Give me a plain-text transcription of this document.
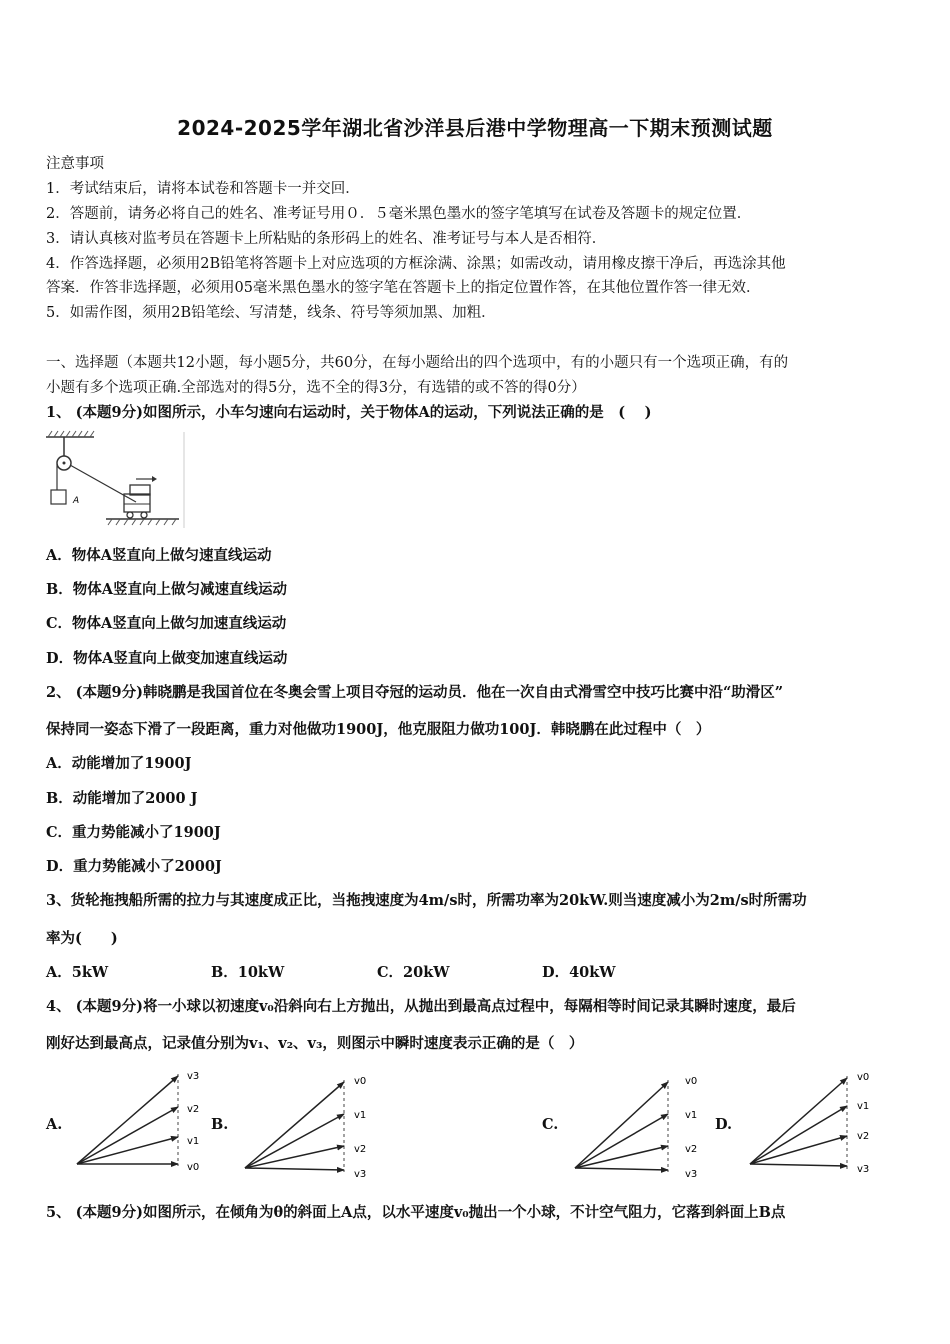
2024-2025学年湖北省沙洋县后港中学物理高一下期末预测试题
注意事项
1．考试结束后，请将本试卷和答题卡一并交回．
2．答题前，请务必将自己的姓名、准考证号用０．５毫米黑色墨水的签字笔填写在试卷及答题卡的规定位置．
3．请认真核对监考员在答题卡上所粘贴的条形码上的姓名、准考证号与本人是否相符．
4．作答选择题，必须用2B铅笔将答题卡上对应选项的方框涂满、涂黑；如需改动，请用橡皮擦干净后，再选涂其他
答案．作答非选择题，必须用05毫米黑色墨水的签字笔在答题卡上的指定位置作答，在其他位置作答一律无效．
5．如需作图，须用2B铅笔绘、写清楚，线条、符号等须加黑、加粗．
一、选择题（本题共12小题，每小题5分，共60分，在每小题给出的四个选项中，有的小题只有一个选项正确，有的
小题有多个选项正确.全部选对的得5分，选不全的得3分，有选错的或不答的得0分）
1、 (本题9分)如图所示，小车匀速向右运动时，关于物体A的运动，下列说法正确的是　( 　)
A
A．物体A竖直向上做匀速直线运动
B．物体A竖直向上做匀减速直线运动
C．物体A竖直向上做匀加速直线运动
D．物体A竖直向上做变加速直线运动
2、 (本题9分)韩晓鹏是我国首位在冬奥会雪上项目夺冠的运动员．他在一次自由式滑雪空中技巧比赛中沿“助滑区”
保持同一姿态下滑了一段距离，重力对他做功1900J，他克服阻力做功100J．韩晓鹏在此过程中（　）
A．动能增加了1900J
B．动能增加了2000 J
C．重力势能减小了1900J
D．重力势能减小了2000J
3、货轮拖拽船所需的拉力与其速度成正比，当拖拽速度为4m/s时，所需功率为20kW.则当速度减小为2m/s时所需功
率为(　　)
A．5kW	B．10kW	C．20kW	D．40kW
4、 (本题9分)将一小球以初速度v₀沿斜向右上方抛出，从抛出到最高点过程中，每隔相等时间记录其瞬时速度，最后
刚好达到最高点，记录值分别为v₁、v₂、v₃，则图示中瞬时速度表示正确的是（　）
A.	B.	C.	D.
v3
v2
v1
v0
v0
v1
v2
v3
v0
v1
v2
v3
v0
v1
v2
v3
5、 (本题9分)如图所示，在倾角为θ的斜面上A点，以水平速度v₀抛出一个小球，不计空气阻力，它落到斜面上B点
